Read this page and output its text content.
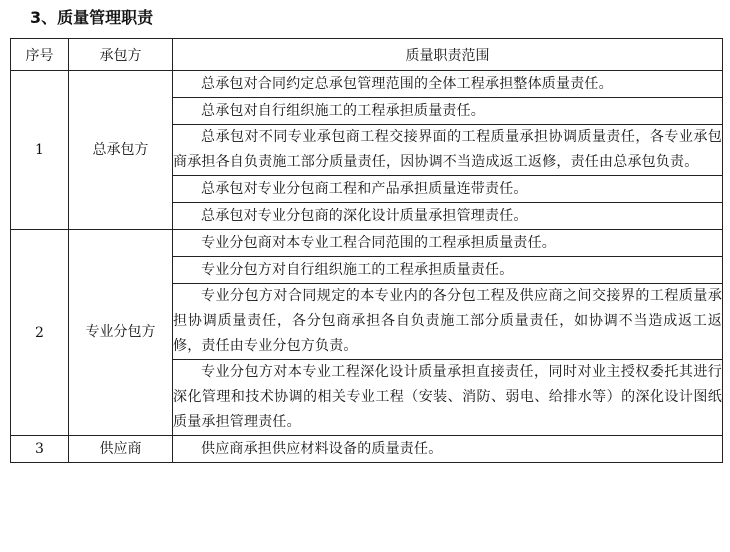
3、质量管理职责
序号	承包方	质量职责范围
1	总承包方	总承包对合同约定总承包管理范围的全体工程承担整体质量责任。
		总承包对自行组织施工的工程承担质量责任。
		总承包对不同专业承包商工程交接界面的工程质量承担协调质量责任，各专业承包商承担各自负责施工部分质量责任，因协调不当造成返工返修，责任由总承包负责。
		总承包对专业分包商工程和产品承担质量连带责任。
		总承包对专业分包商的深化设计质量承担管理责任。
2	专业分包方	专业分包商对本专业工程合同范围的工程承担质量责任。
		专业分包方对自行组织施工的工程承担质量责任。
		专业分包方对合同规定的本专业内的各分包工程及供应商之间交接界的工程质量承担协调质量责任，各分包商承担各自负责施工部分质量责任，如协调不当造成返工返修，责任由专业分包方负责。
		专业分包方对本专业工程深化设计质量承担直接责任，同时对业主授权委托其进行深化管理和技术协调的相关专业工程（安装、消防、弱电、给排水等）的深化设计图纸质量承担管理责任。
3	供应商	供应商承担供应材料设备的质量责任。
